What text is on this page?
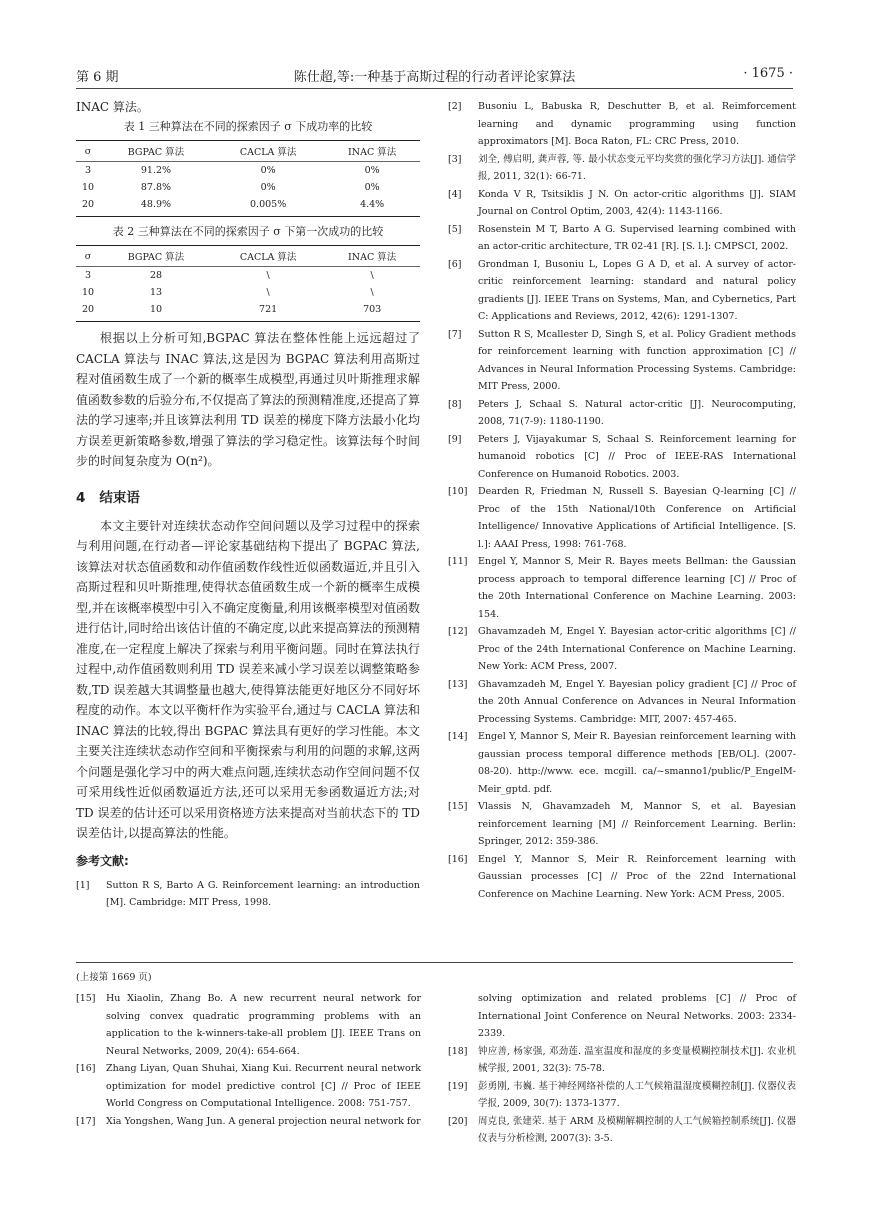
第 6 期	陈仕超,等:一种基于高斯过程的行动者评论家算法	· 1675 ·

INAC 算法。

表 1 三种算法在不同的探索因子 σ 下成功率的比较
σ	BGPAC 算法	CACLA 算法	INAC 算法
3	91.2%	0%	0%
10	87.8%	0%	0%
20	48.9%	0.005%	4.4%
表 2 三种算法在不同的探索因子 σ 下第一次成功的比较
σ	BGPAC 算法	CACLA 算法	INAC 算法
3	28	\	\
10	13	\	\
20	10	721	703

根据以上分析可知,BGPAC 算法在整体性能上远远超过了 CACLA 算法与 INAC 算法,这是因为 BGPAC 算法利用高斯过程对值函数生成了一个新的概率生成模型,再通过贝叶斯推理求解值函数参数的后验分布,不仅提高了算法的预测精准度,还提高了算法的学习速率;并且该算法利用 TD 误差的梯度下降方法最小化均方误差更新策略参数,增强了算法的学习稳定性。该算法每个时间步的时间复杂度为 O(n²)。

4 结束语

本文主要针对连续状态动作空间问题以及学习过程中的探索与利用问题,在行动者—评论家基础结构下提出了 BGPAC 算法,该算法对状态值函数和动作值函数作线性近似函数逼近,并且引入高斯过程和贝叶斯推理,使得状态值函数生成一个新的概率生成模型,并在该概率模型中引入不确定度衡量,利用该概率模型对值函数进行估计,同时给出该估计值的不确定度,以此来提高算法的预测精准度,在一定程度上解决了探索与利用平衡问题。同时在算法执行过程中,动作值函数则利用 TD 误差来减小学习误差以调整策略参数,TD 误差越大其调整量也越大,使得算法能更好地区分不同好坏程度的动作。本文以平衡杆作为实验平台,通过与 CACLA 算法和 INAC 算法的比较,得出 BGPAC 算法具有更好的学习性能。本文主要关注连续状态动作空间和平衡探索与利用的问题的求解,这两个问题是强化学习中的两大难点问题,连续状态动作空间问题不仅可采用线性近似函数逼近方法,还可以采用无参函数逼近方法;对 TD 误差的估计还可以采用资格迹方法来提高对当前状态下的 TD 误差估计,以提高算法的性能。

参考文献:
[1]	Sutton R S, Barto A G. Reinforcement learning: an introduction [M]. Cambridge: MIT Press, 1998.
[2]	Busoniu L, Babuska R, Deschutter B, et al. Reimforcement learning and dynamic programming using function approximators [M]. Boca Raton, FL: CRC Press, 2010.
[3]	刘全, 傅启明, 龚声蓉, 等. 最小状态变元平均奖赏的强化学习方法[J]. 通信学报, 2011, 32(1): 66-71.
[4]	Konda V R, Tsitsiklis J N. On actor-critic algorithms [J]. SIAM Journal on Control Optim, 2003, 42(4): 1143-1166.
[5]	Rosenstein M T, Barto A G. Supervised learning combined with an actor-critic architecture, TR 02-41 [R]. [S. l.]: CMPSCI, 2002.
[6]	Grondman I, Busoniu L, Lopes G A D, et al. A survey of actor-critic reinforcement learning: standard and natural policy gradients [J]. IEEE Trans on Systems, Man, and Cybernetics, Part C: Applications and Reviews, 2012, 42(6): 1291-1307.
[7]	Sutton R S, Mcallester D, Singh S, et al. Policy Gradient methods for reinforcement learning with function approximation [C] // Advances in Neural Information Processing Systems. Cambridge: MIT Press, 2000.
[8]	Peters J, Schaal S. Natural actor-critic [J]. Neurocomputing, 2008, 71(7-9): 1180-1190.
[9]	Peters J, Vijayakumar S, Schaal S. Reinforcement learning for humanoid robotics [C] // Proc of IEEE-RAS International Conference on Humanoid Robotics. 2003.
[10]	Dearden R, Friedman N, Russell S. Bayesian Q-learning [C] // Proc of the 15th National/10th Conference on Artificial Intelligence/ Innovative Applications of Artificial Intelligence. [S. l.]: AAAI Press, 1998: 761-768.
[11]	Engel Y, Mannor S, Meir R. Bayes meets Bellman: the Gaussian process approach to temporal difference learning [C] // Proc of the 20th International Conference on Machine Learning. 2003: 154.
[12]	Ghavamzadeh M, Engel Y. Bayesian actor-critic algorithms [C] // Proc of the 24th International Conference on Machine Learning. New York: ACM Press, 2007.
[13]	Ghavamzadeh M, Engel Y. Bayesian policy gradient [C] // Proc of the 20th Annual Conference on Advances in Neural Information Processing Systems. Cambridge: MIT, 2007: 457-465.
[14]	Engel Y, Mannor S, Meir R. Bayesian reinforcement learning with gaussian process temporal difference methods [EB/OL]. (2007-08-20). http://www. ece. mcgill. ca/~smanno1/public/P_EngelM-Meir_gptd. pdf.
[15]	Vlassis N, Ghavamzadeh M, Mannor S, et al. Bayesian reinforcement learning [M] // Reinforcement Learning. Berlin: Springer, 2012: 359-386.
[16]	Engel Y, Mannor S, Meir R. Reinforcement learning with Gaussian processes [C] // Proc of the 22nd International Conference on Machine Learning. New York: ACM Press, 2005.
(上接第 1669 页)
[15]	Hu Xiaolin, Zhang Bo. A new recurrent neural network for solving convex quadratic programming problems with an application to the k-winners-take-all problem [J]. IEEE Trans on Neural Networks, 2009, 20(4): 654-664.
[16]	Zhang Liyan, Quan Shuhai, Xiang Kui. Recurrent neural network optimization for model predictive control [C] // Proc of IEEE World Congress on Computational Intelligence. 2008: 751-757.
[17]	Xia Yongshen, Wang Jun. A general projection neural network for
solving optimization and related problems [C] // Proc of International Joint Conference on Neural Networks. 2003: 2334-2339.
[18]	钟应善, 杨家强, 邓劲莲. 温室温度和湿度的多变量模糊控制技术[J]. 农业机械学报, 2001, 32(3): 75-78.
[19]	彭勇刚, 韦巍. 基于神经网络补偿的人工气候箱温湿度模糊控制[J]. 仪器仪表学报, 2009, 30(7): 1373-1377.
[20]	周克良, 张建荣. 基于 ARM 及模糊解耦控制的人工气候箱控制系统[J]. 仪器仪表与分析检测, 2007(3): 3-5.
